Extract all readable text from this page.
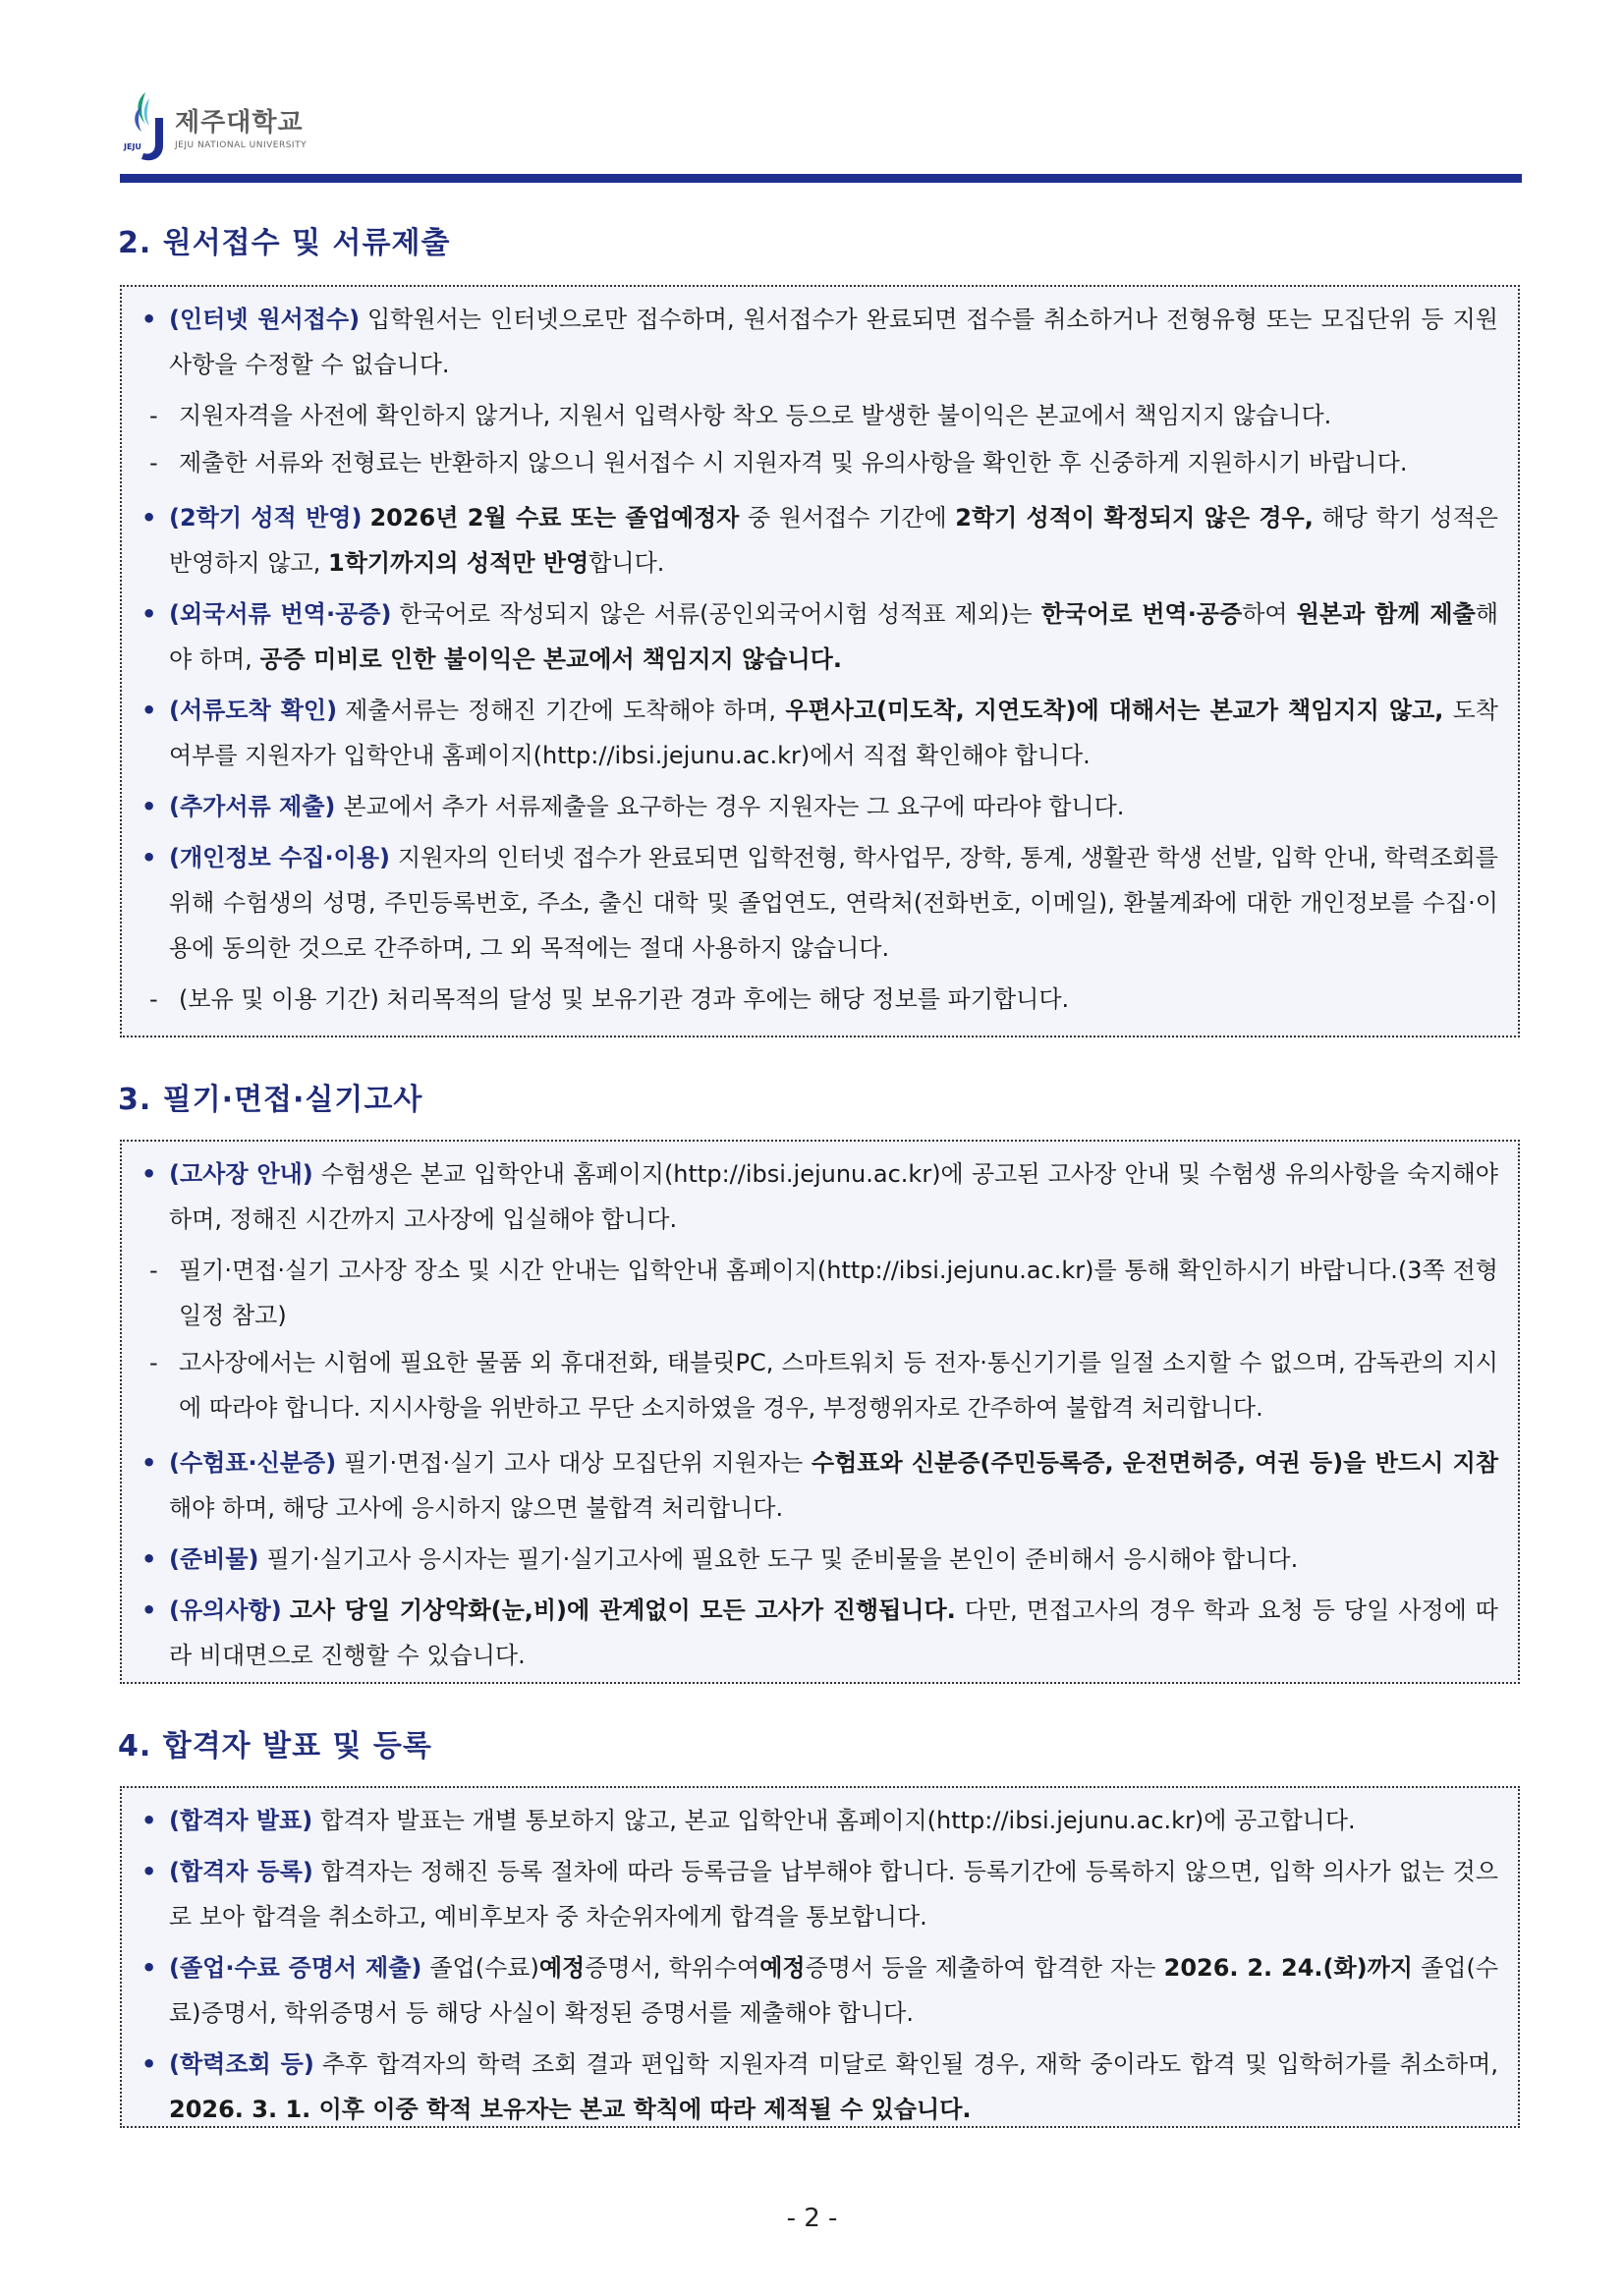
JEJU
제주대학교
JEJU NATIONAL UNIVERSITY
2. 원서접수 및 서류제출
• (인터넷 원서접수) 입학원서는 인터넷으로만 접수하며, 원서접수가 완료되면 접수를 취소하거나 전형유형 또는 모집단위 등 지원사항을 수정할 수 없습니다.
- 지원자격을 사전에 확인하지 않거나, 지원서 입력사항 착오 등으로 발생한 불이익은 본교에서 책임지지 않습니다.
- 제출한 서류와 전형료는 반환하지 않으니 원서접수 시 지원자격 및 유의사항을 확인한 후 신중하게 지원하시기 바랍니다.
• (2학기 성적 반영) 2026년 2월 수료 또는 졸업예정자 중 원서접수 기간에 2학기 성적이 확정되지 않은 경우, 해당 학기 성적은 반영하지 않고, 1학기까지의 성적만 반영합니다.
• (외국서류 번역·공증) 한국어로 작성되지 않은 서류(공인외국어시험 성적표 제외)는 한국어로 번역·공증하여 원본과 함께 제출해야 하며, 공증 미비로 인한 불이익은 본교에서 책임지지 않습니다.
• (서류도착 확인) 제출서류는 정해진 기간에 도착해야 하며, 우편사고(미도착, 지연도착)에 대해서는 본교가 책임지지 않고, 도착 여부를 지원자가 입학안내 홈페이지(http://ibsi.jejunu.ac.kr)에서 직접 확인해야 합니다.
• (추가서류 제출) 본교에서 추가 서류제출을 요구하는 경우 지원자는 그 요구에 따라야 합니다.
• (개인정보 수집·이용) 지원자의 인터넷 접수가 완료되면 입학전형, 학사업무, 장학, 통계, 생활관 학생 선발, 입학 안내, 학력조회를 위해 수험생의 성명, 주민등록번호, 주소, 출신 대학 및 졸업연도, 연락처(전화번호, 이메일), 환불계좌에 대한 개인정보를 수집·이용에 동의한 것으로 간주하며, 그 외 목적에는 절대 사용하지 않습니다.
- (보유 및 이용 기간) 처리목적의 달성 및 보유기관 경과 후에는 해당 정보를 파기합니다.
3. 필기·면접·실기고사
• (고사장 안내) 수험생은 본교 입학안내 홈페이지(http://ibsi.jejunu.ac.kr)에 공고된 고사장 안내 및 수험생 유의사항을 숙지해야 하며, 정해진 시간까지 고사장에 입실해야 합니다.
- 필기·면접·실기 고사장 장소 및 시간 안내는 입학안내 홈페이지(http://ibsi.jejunu.ac.kr)를 통해 확인하시기 바랍니다.(3쪽 전형 일정 참고)
- 고사장에서는 시험에 필요한 물품 외 휴대전화, 태블릿PC, 스마트워치 등 전자·통신기기를 일절 소지할 수 없으며, 감독관의 지시에 따라야 합니다. 지시사항을 위반하고 무단 소지하였을 경우, 부정행위자로 간주하여 불합격 처리합니다.
• (수험표·신분증) 필기·면접·실기 고사 대상 모집단위 지원자는 수험표와 신분증(주민등록증, 운전면허증, 여권 등)을 반드시 지참해야 하며, 해당 고사에 응시하지 않으면 불합격 처리합니다.
• (준비물) 필기·실기고사 응시자는 필기·실기고사에 필요한 도구 및 준비물을 본인이 준비해서 응시해야 합니다.
• (유의사항) 고사 당일 기상악화(눈,비)에 관계없이 모든 고사가 진행됩니다. 다만, 면접고사의 경우 학과 요청 등 당일 사정에 따라 비대면으로 진행할 수 있습니다.
4. 합격자 발표 및 등록
• (합격자 발표) 합격자 발표는 개별 통보하지 않고, 본교 입학안내 홈페이지(http://ibsi.jejunu.ac.kr)에 공고합니다.
• (합격자 등록) 합격자는 정해진 등록 절차에 따라 등록금을 납부해야 합니다. 등록기간에 등록하지 않으면, 입학 의사가 없는 것으로 보아 합격을 취소하고, 예비후보자 중 차순위자에게 합격을 통보합니다.
• (졸업·수료 증명서 제출) 졸업(수료)예정증명서, 학위수여예정증명서 등을 제출하여 합격한 자는 2026. 2. 24.(화)까지 졸업(수료)증명서, 학위증명서 등 해당 사실이 확정된 증명서를 제출해야 합니다.
• (학력조회 등) 추후 합격자의 학력 조회 결과 편입학 지원자격 미달로 확인될 경우, 재학 중이라도 합격 및 입학허가를 취소하며, 2026. 3. 1. 이후 이중 학적 보유자는 본교 학칙에 따라 제적될 수 있습니다.
- 2 -
